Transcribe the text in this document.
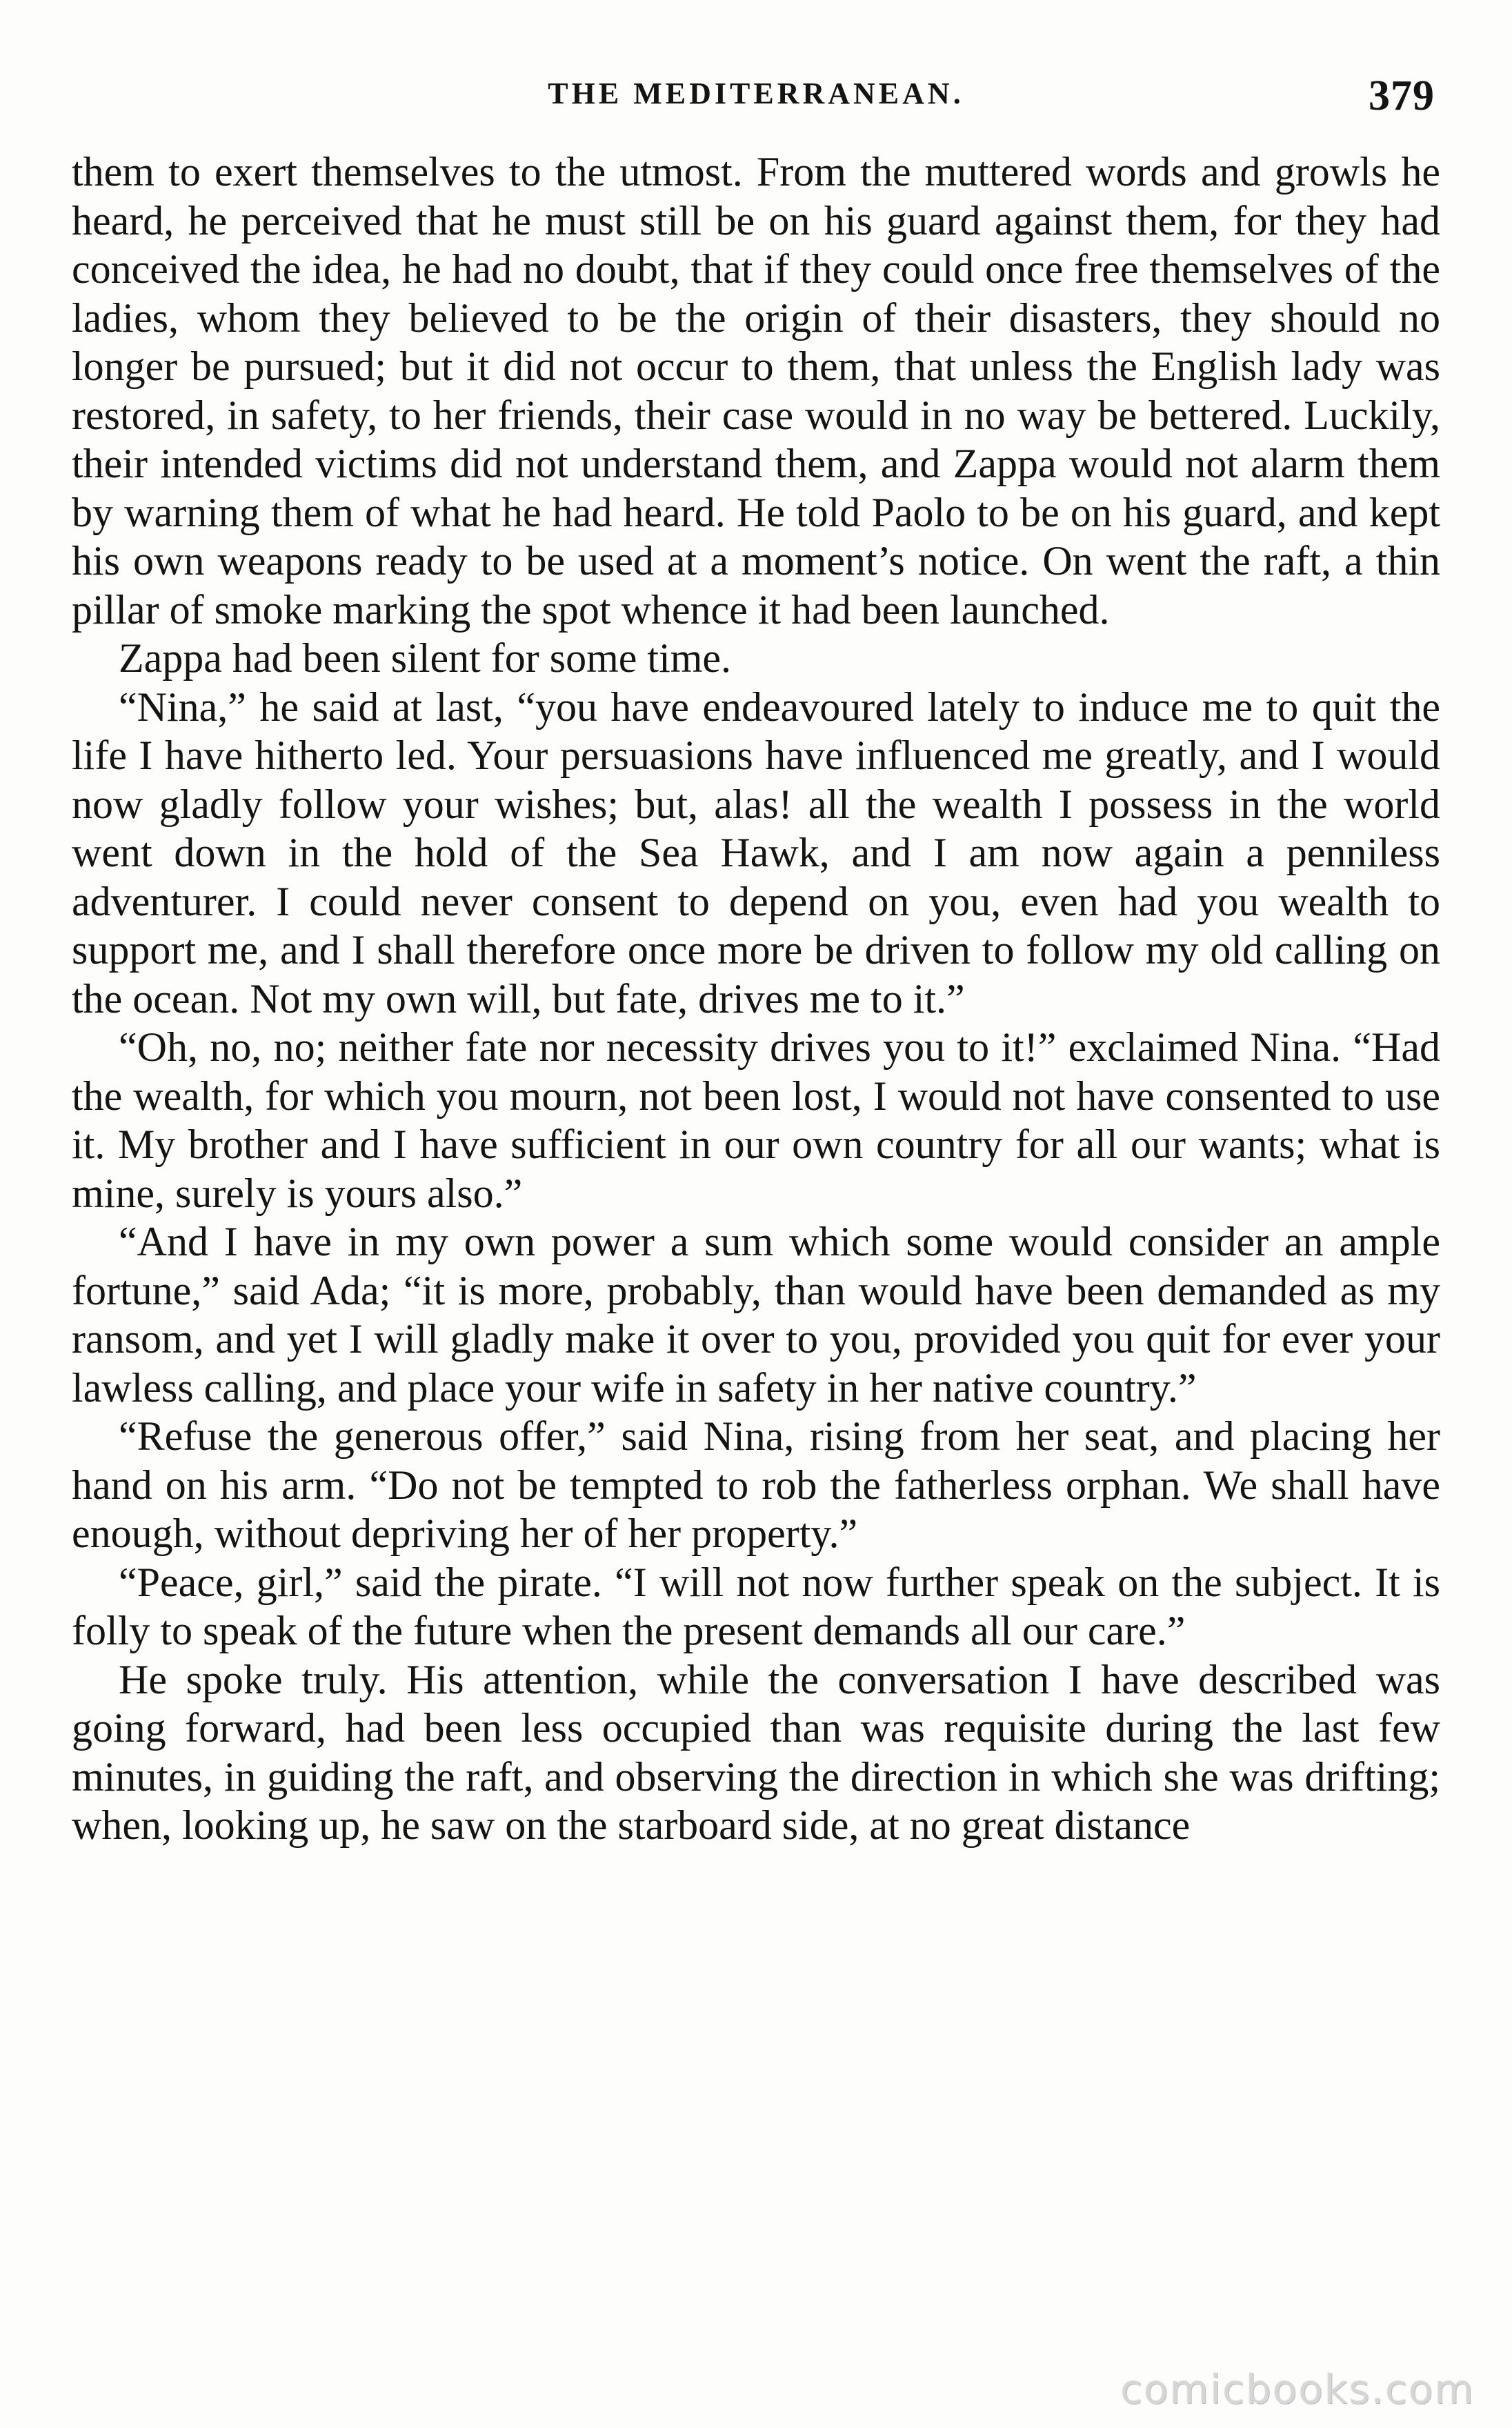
THE MEDITERRANEAN.	379

them to exert themselves to the utmost. From the muttered words and growls he heard, he perceived that he must still be on his guard against them, for they had conceived the idea, he had no doubt, that if they could once free themselves of the ladies, whom they believed to be the origin of their disasters, they should no longer be pursued; but it did not occur to them, that unless the English lady was restored, in safety, to her friends, their case would in no way be bettered. Luckily, their intended victims did not understand them, and Zappa would not alarm them by warning them of what he had heard. He told Paolo to be on his guard, and kept his own weapons ready to be used at a moment’s notice. On went the raft, a thin pillar of smoke marking the spot whence it had been launched.

Zappa had been silent for some time.

“Nina,” he said at last, “you have endeavoured lately to induce me to quit the life I have hitherto led. Your persuasions have influenced me greatly, and I would now gladly follow your wishes; but, alas! all the wealth I possess in the world went down in the hold of the Sea Hawk, and I am now again a penniless adventurer. I could never consent to depend on you, even had you wealth to support me, and I shall therefore once more be driven to follow my old calling on the ocean. Not my own will, but fate, drives me to it.”

“Oh, no, no; neither fate nor necessity drives you to it!” exclaimed Nina. “Had the wealth, for which you mourn, not been lost, I would not have consented to use it. My brother and I have sufficient in our own country for all our wants; what is mine, surely is yours also.”

“And I have in my own power a sum which some would consider an ample fortune,” said Ada; “it is more, probably, than would have been demanded as my ransom, and yet I will gladly make it over to you, provided you quit for ever your lawless calling, and place your wife in safety in her native country.”

“Refuse the generous offer,” said Nina, rising from her seat, and placing her hand on his arm. “Do not be tempted to rob the fatherless orphan. We shall have enough, without depriving her of her property.”

“Peace, girl,” said the pirate. “I will not now further speak on the subject. It is folly to speak of the future when the present demands all our care.”

He spoke truly. His attention, while the conversation I have described was going forward, had been less occupied than was requisite during the last few minutes, in guiding the raft, and observing the direction in which she was drifting; when, looking up, he saw on the starboard side, at no great distance

comicbooks.com
